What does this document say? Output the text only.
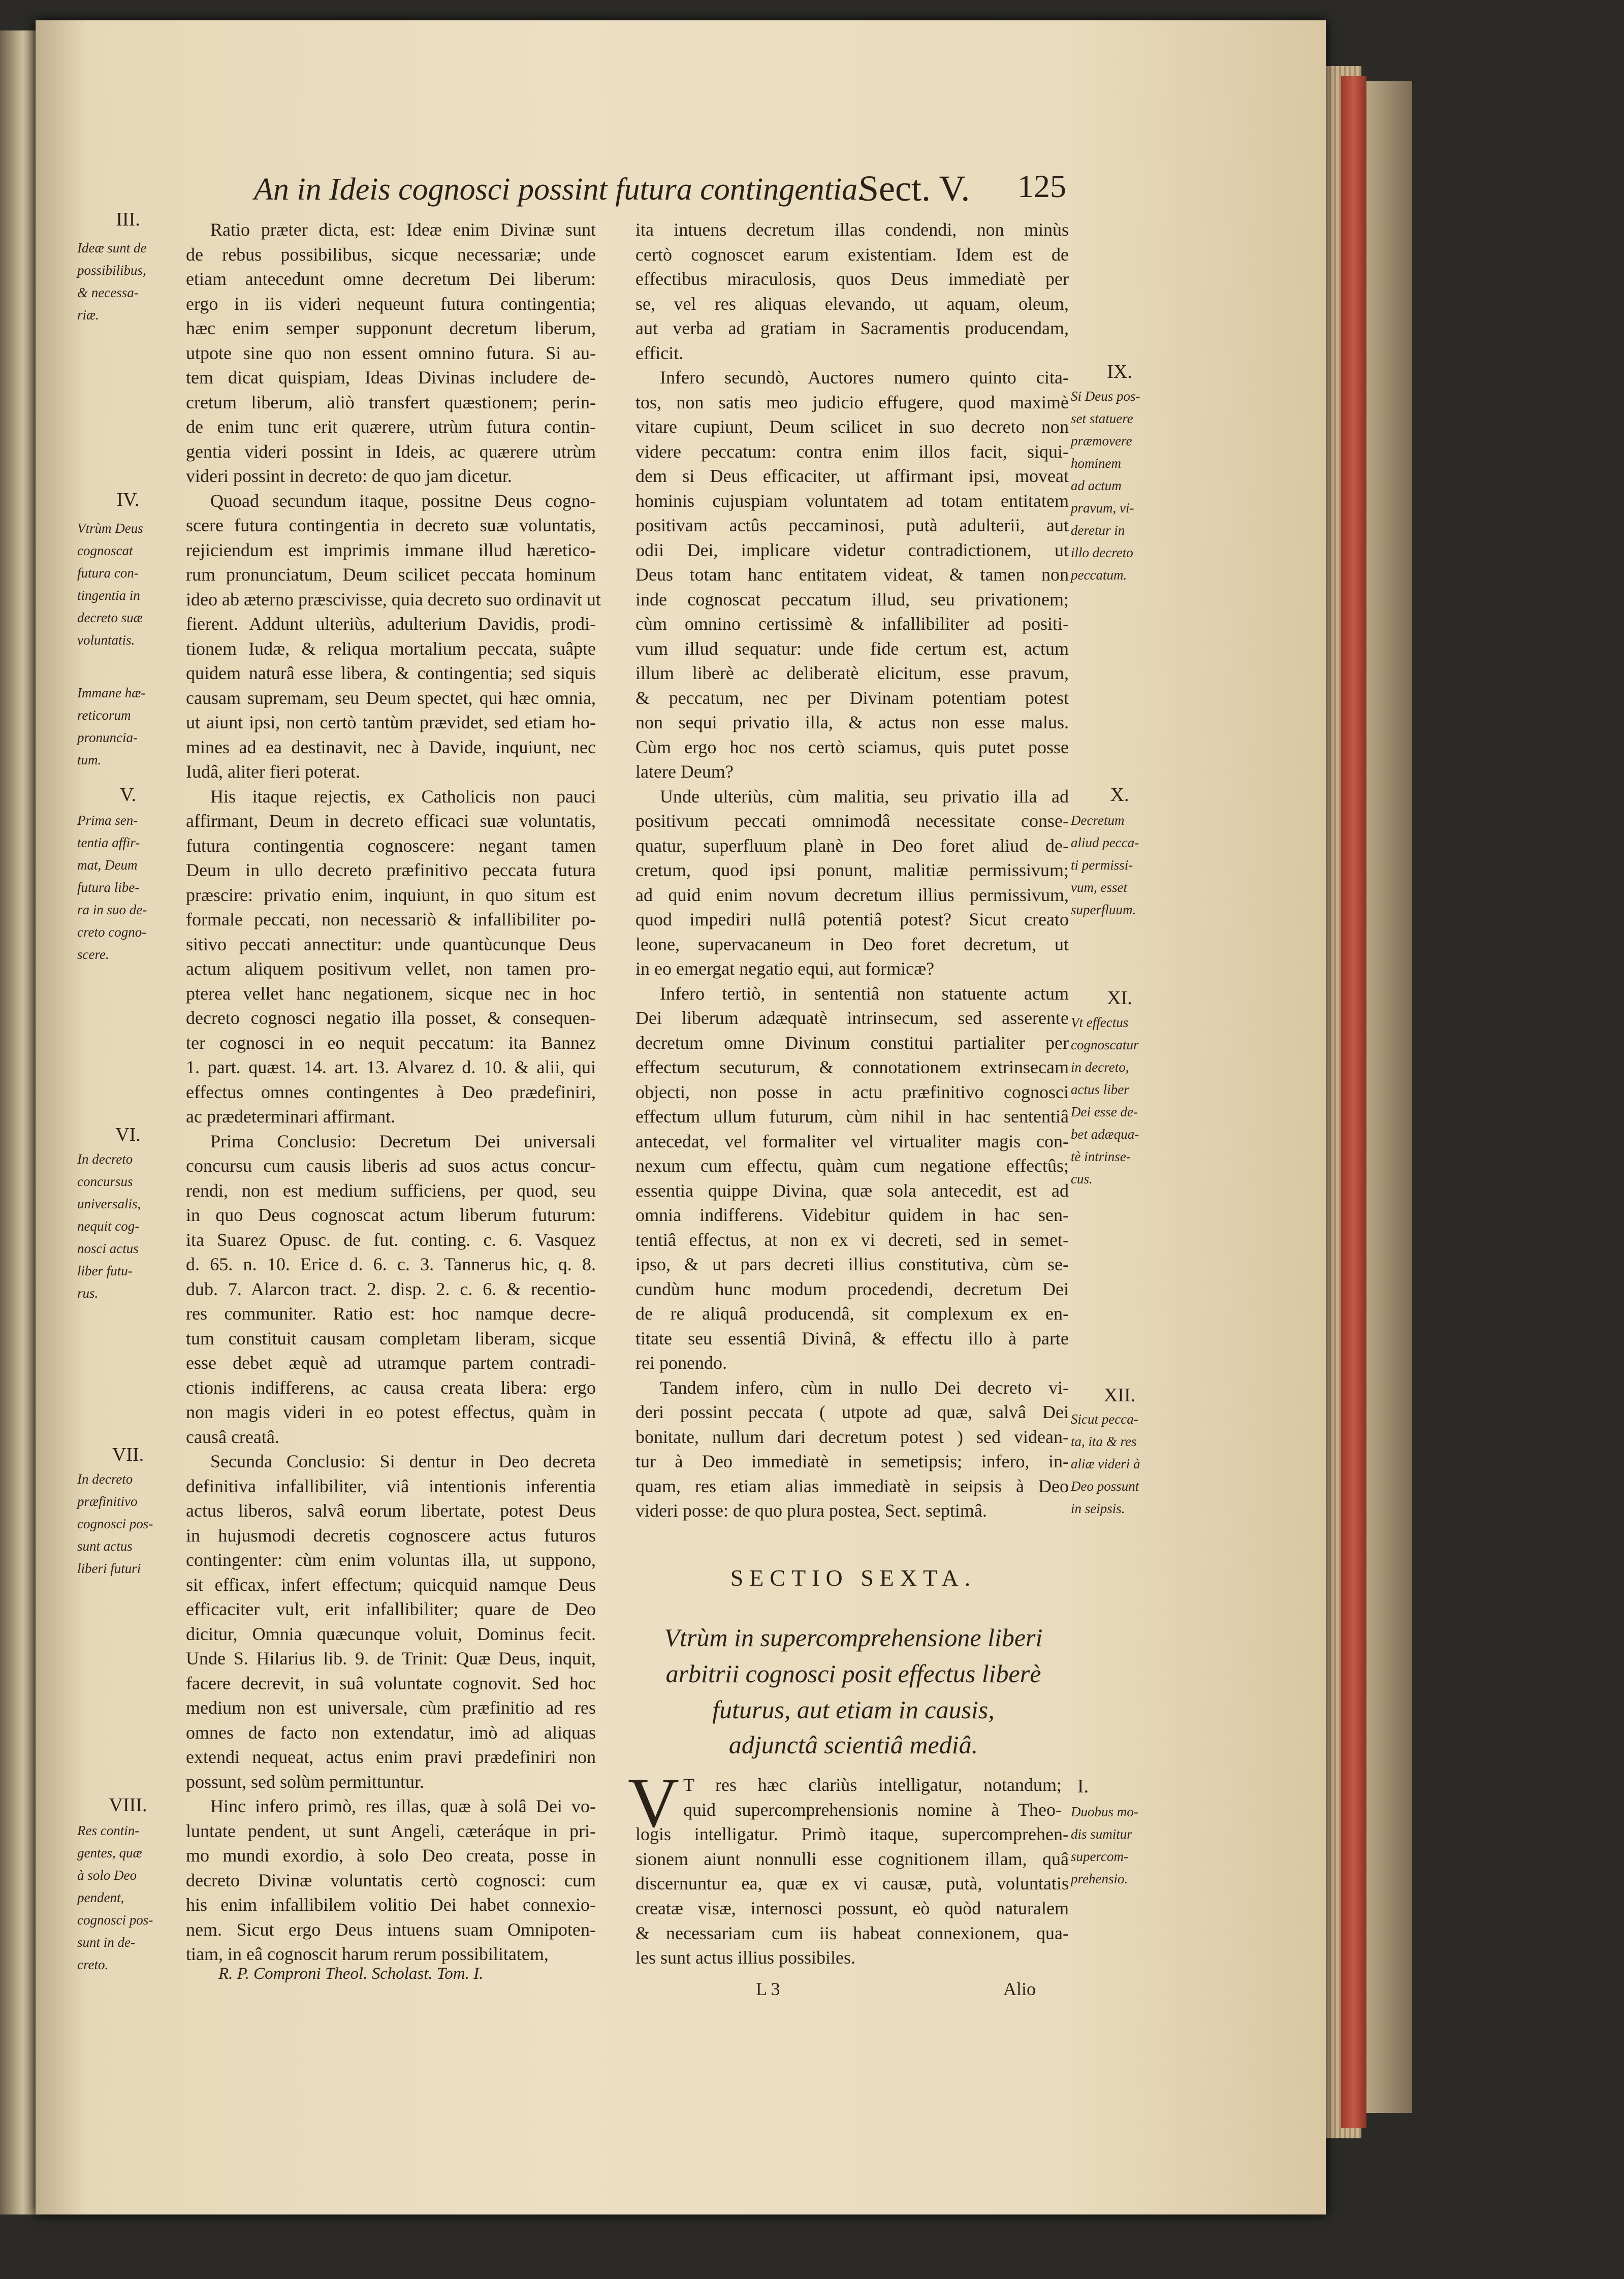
An in Ideis cognosci possint futura contingentia.
Sect. V. 125
Ratio præter dicta, est: Ideæ enim Divinæ sunt
de rebus possibilibus, sicque necessariæ; unde
etiam antecedunt omne decretum Dei liberum:
ergo in iis videri nequeunt futura contingentia;
hæc enim semper supponunt decretum liberum,
utpote sine quo non essent omnino futura. Si au-
tem dicat quispiam, Ideas Divinas includere de-
cretum liberum, aliò transfert quæstionem; perin-
de enim tunc erit quærere, utrùm futura contin-
gentia videri possint in Ideis, ac quærere utrùm
videri possint in decreto: de quo jam dicetur.
Quoad secundum itaque, possitne Deus cogno-
scere futura contingentia in decreto suæ voluntatis,
rejiciendum est imprimis immane illud hæretico-
rum pronunciatum, Deum scilicet peccata hominum
ideo ab æterno præscivisse, quia decreto suo ordinavit ut
fierent. Addunt ulteriùs, adulterium Davidis, prodi-
tionem Iudæ, & reliqua mortalium peccata, suâpte
quidem naturâ esse libera, & contingentia; sed siquis
causam supremam, seu Deum spectet, qui hæc omnia,
ut aiunt ipsi, non certò tantùm prævidet, sed etiam ho-
mines ad ea destinavit, nec à Davide, inquiunt, nec
Iudâ, aliter fieri poterat.
His itaque rejectis, ex Catholicis non pauci
affirmant, Deum in decreto efficaci suæ voluntatis,
futura contingentia cognoscere: negant tamen
Deum in ullo decreto præfinitivo peccata futura
præscire: privatio enim, inquiunt, in quo situm est
formale peccati, non necessariò & infallibiliter po-
sitivo peccati annectitur: unde quantùcunque Deus
actum aliquem positivum vellet, non tamen pro-
pterea vellet hanc negationem, sicque nec in hoc
decreto cognosci negatio illa posset, & consequen-
ter cognosci in eo nequit peccatum: ita Bannez
1. part. quæst. 14. art. 13. Alvarez d. 10. & alii, qui
effectus omnes contingentes à Deo prædefiniri,
ac prædeterminari affirmant.
Prima Conclusio: Decretum Dei universali
concursu cum causis liberis ad suos actus concur-
rendi, non est medium sufficiens, per quod, seu
in quo Deus cognoscat actum liberum futurum:
ita Suarez Opusc. de fut. conting. c. 6. Vasquez
d. 65. n. 10. Erice d. 6. c. 3. Tannerus hic, q. 8.
dub. 7. Alarcon tract. 2. disp. 2. c. 6. & recentio-
res communiter. Ratio est: hoc namque decre-
tum constituit causam completam liberam, sicque
esse debet æquè ad utramque partem contradi-
ctionis indifferens, ac causa creata libera: ergo
non magis videri in eo potest effectus, quàm in
causâ creatâ.
Secunda Conclusio: Si dentur in Deo decreta
definitiva infallibiliter, viâ intentionis inferentia
actus liberos, salvâ eorum libertate, potest Deus
in hujusmodi decretis cognoscere actus futuros
contingenter: cùm enim voluntas illa, ut suppono,
sit efficax, infert effectum; quicquid namque Deus
efficaciter vult, erit infallibiliter; quare de Deo
dicitur, Omnia quæcunque voluit, Dominus fecit.
Unde S. Hilarius lib. 9. de Trinit: Quæ Deus, inquit,
facere decrevit, in suâ voluntate cognovit. Sed hoc
medium non est universale, cùm præfinitio ad res
omnes de facto non extendatur, imò ad aliquas
extendi nequeat, actus enim pravi prædefiniri non
possunt, sed solùm permittuntur.
Hinc infero primò, res illas, quæ à solâ Dei vo-
luntate pendent, ut sunt Angeli, cæteráque in pri-
mo mundi exordio, à solo Deo creata, posse in
decreto Divinæ voluntatis certò cognosci: cum
his enim infallibilem volitio Dei habet connexio-
nem. Sicut ergo Deus intuens suam Omnipoten-
tiam, in eâ cognoscit harum rerum possibilitatem,
ita intuens decretum illas condendi, non minùs
certò cognoscet earum existentiam. Idem est de
effectibus miraculosis, quos Deus immediatè per
se, vel res aliquas elevando, ut aquam, oleum,
aut verba ad gratiam in Sacramentis producendam,
efficit.
Infero secundò, Auctores numero quinto cita-
tos, non satis meo judicio effugere, quod maximè
vitare cupiunt, Deum scilicet in suo decreto non
videre peccatum: contra enim illos facit, siqui-
dem si Deus efficaciter, ut affirmant ipsi, moveat
hominis cujuspiam voluntatem ad totam entitatem
positivam actûs peccaminosi, putà adulterii, aut
odii Dei, implicare videtur contradictionem, ut
Deus totam hanc entitatem videat, & tamen non
inde cognoscat peccatum illud, seu privationem;
cùm omnino certissimè & infallibiliter ad positi-
vum illud sequatur: unde fide certum est, actum
illum liberè ac deliberatè elicitum, esse pravum,
& peccatum, nec per Divinam potentiam potest
non sequi privatio illa, & actus non esse malus.
Cùm ergo hoc nos certò sciamus, quis putet posse
latere Deum?
Unde ulteriùs, cùm malitia, seu privatio illa ad
positivum peccati omnimodâ necessitate conse-
quatur, superfluum planè in Deo foret aliud de-
cretum, quod ipsi ponunt, malitiæ permissivum;
ad quid enim novum decretum illius permissivum,
quod impediri nullâ potentiâ potest? Sicut creato
leone, supervacaneum in Deo foret decretum, ut
in eo emergat negatio equi, aut formicæ?
Infero tertiò, in sententiâ non statuente actum
Dei liberum adæquatè intrinsecum, sed asserente
decretum omne Divinum constitui partialiter per
effectum secuturum, & connotationem extrinsecam
objecti, non posse in actu præfinitivo cognosci
effectum ullum futurum, cùm nihil in hac sententiâ
antecedat, vel formaliter vel virtualiter magis con-
nexum cum effectu, quàm cum negatione effectûs;
essentia quippe Divina, quæ sola antecedit, est ad
omnia indifferens. Videbitur quidem in hac sen-
tentiâ effectus, at non ex vi decreti, sed in semet-
ipso, & ut pars decreti illius constitutiva, cùm se-
cundùm hunc modum procedendi, decretum Dei
de re aliquâ producendâ, sit complexum ex en-
titate seu essentiâ Divinâ, & effectu illo à parte
rei ponendo.
Tandem infero, cùm in nullo Dei decreto vi-
deri possint peccata ( utpote ad quæ, salvâ Dei
bonitate, nullum dari decretum potest ) sed videan-
tur à Deo immediatè in semetipsis; infero, in-
quam, res etiam alias immediatè in seipsis à Deo
videri posse: de quo plura postea, Sect. septimâ.
III.
Ideæ sunt de
possibilibus,
& necessa-
riæ.
IV.
Vtrùm Deus
cognoscat
futura con-
tingentia in
decreto suæ
voluntatis.
Immane hæ-
reticorum
pronuncia-
tum.
V.
Prima sen-
tentia affir-
mat, Deum
futura libe-
ra in suo de-
creto cogno-
scere.
VI.
In decreto
concursus
universalis,
nequit cog-
nosci actus
liber futu-
rus.
VII.
In decreto
præfinitivo
cognosci pos-
sunt actus
liberi futuri
VIII.
Res contin-
gentes, quæ
à solo Deo
pendent,
cognosci pos-
sunt in de-
creto.
IX.
Si Deus pos-
set statuere
præmovere
hominem
ad actum
pravum, vi-
deretur in
illo decreto
peccatum.
X.
Decretum
aliud pecca-
ti permissi-
vum, esset
superfluum.
XI.
Vt effectus
cognoscatur
in decreto,
actus liber
Dei esse de-
bet adæqua-
tè intrinse-
cus.
XII.
Sicut pecca-
ta, ita & res
aliæ videri à
Deo possunt
in seipsis.
I.
Duobus mo-
dis sumitur
supercom-
prehensio.
SECTIO SEXTA.
Vtrùm in supercomprehensione liberi
arbitrii cognosci posit effectus liberè
futurus, aut etiam in causis,
adjunctâ scientiâ mediâ.
V T res hæc clariùs intelligatur, notandum;
quid supercomprehensionis nomine à Theo-
logis intelligatur. Primò itaque, supercomprehen-
sionem aiunt nonnulli esse cognitionem illam, quâ
discernuntur ea, quæ ex vi causæ, putà, voluntatis
creatæ visæ, internosci possunt, eò quòd naturalem
& necessariam cum iis habeat connexionem, qua-
les sunt actus illius possibiles.
R. P. Comproni Theol. Scholast. Tom. I.
L 3	Alio
